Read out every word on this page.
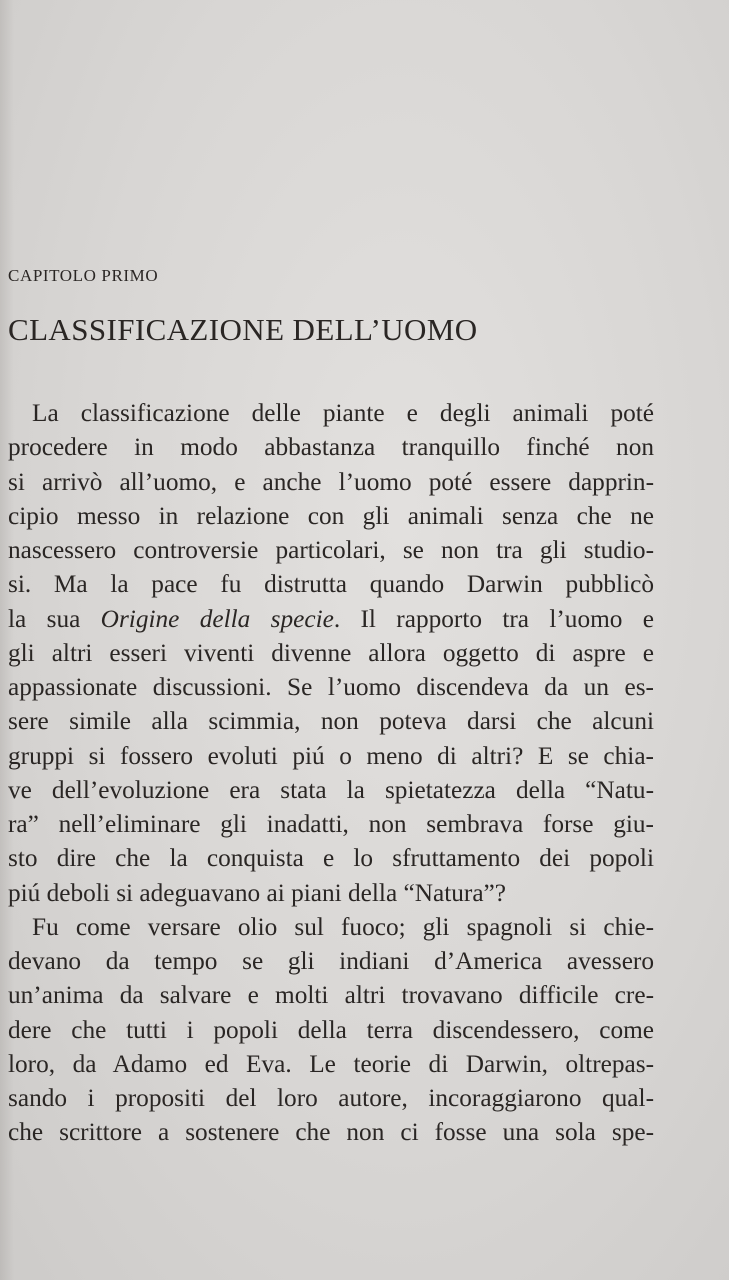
CAPITOLO PRIMO
CLASSIFICAZIONE DELL’UOMO
La classificazione delle piante e degli animali poté
procedere in modo abbastanza tranquillo finché non
si arrivò all’uomo, e anche l’uomo poté essere dapprin-
cipio messo in relazione con gli animali senza che ne
nascessero controversie particolari, se non tra gli studio-
si. Ma la pace fu distrutta quando Darwin pubblicò
la sua Origine della specie. Il rapporto tra l’uomo e
gli altri esseri viventi divenne allora oggetto di aspre e
appassionate discussioni. Se l’uomo discendeva da un es-
sere simile alla scimmia, non poteva darsi che alcuni
gruppi si fossero evoluti piú o meno di altri? E se chia-
ve dell’evoluzione era stata la spietatezza della “Natu-
ra” nell’eliminare gli inadatti, non sembrava forse giu-
sto dire che la conquista e lo sfruttamento dei popoli
piú deboli si adeguavano ai piani della “Natura”?
Fu come versare olio sul fuoco; gli spagnoli si chie-
devano da tempo se gli indiani d’America avessero
un’anima da salvare e molti altri trovavano difficile cre-
dere che tutti i popoli della terra discendessero, come
loro, da Adamo ed Eva. Le teorie di Darwin, oltrepas-
sando i propositi del loro autore, incoraggiarono qual-
che scrittore a sostenere che non ci fosse una sola spe-
